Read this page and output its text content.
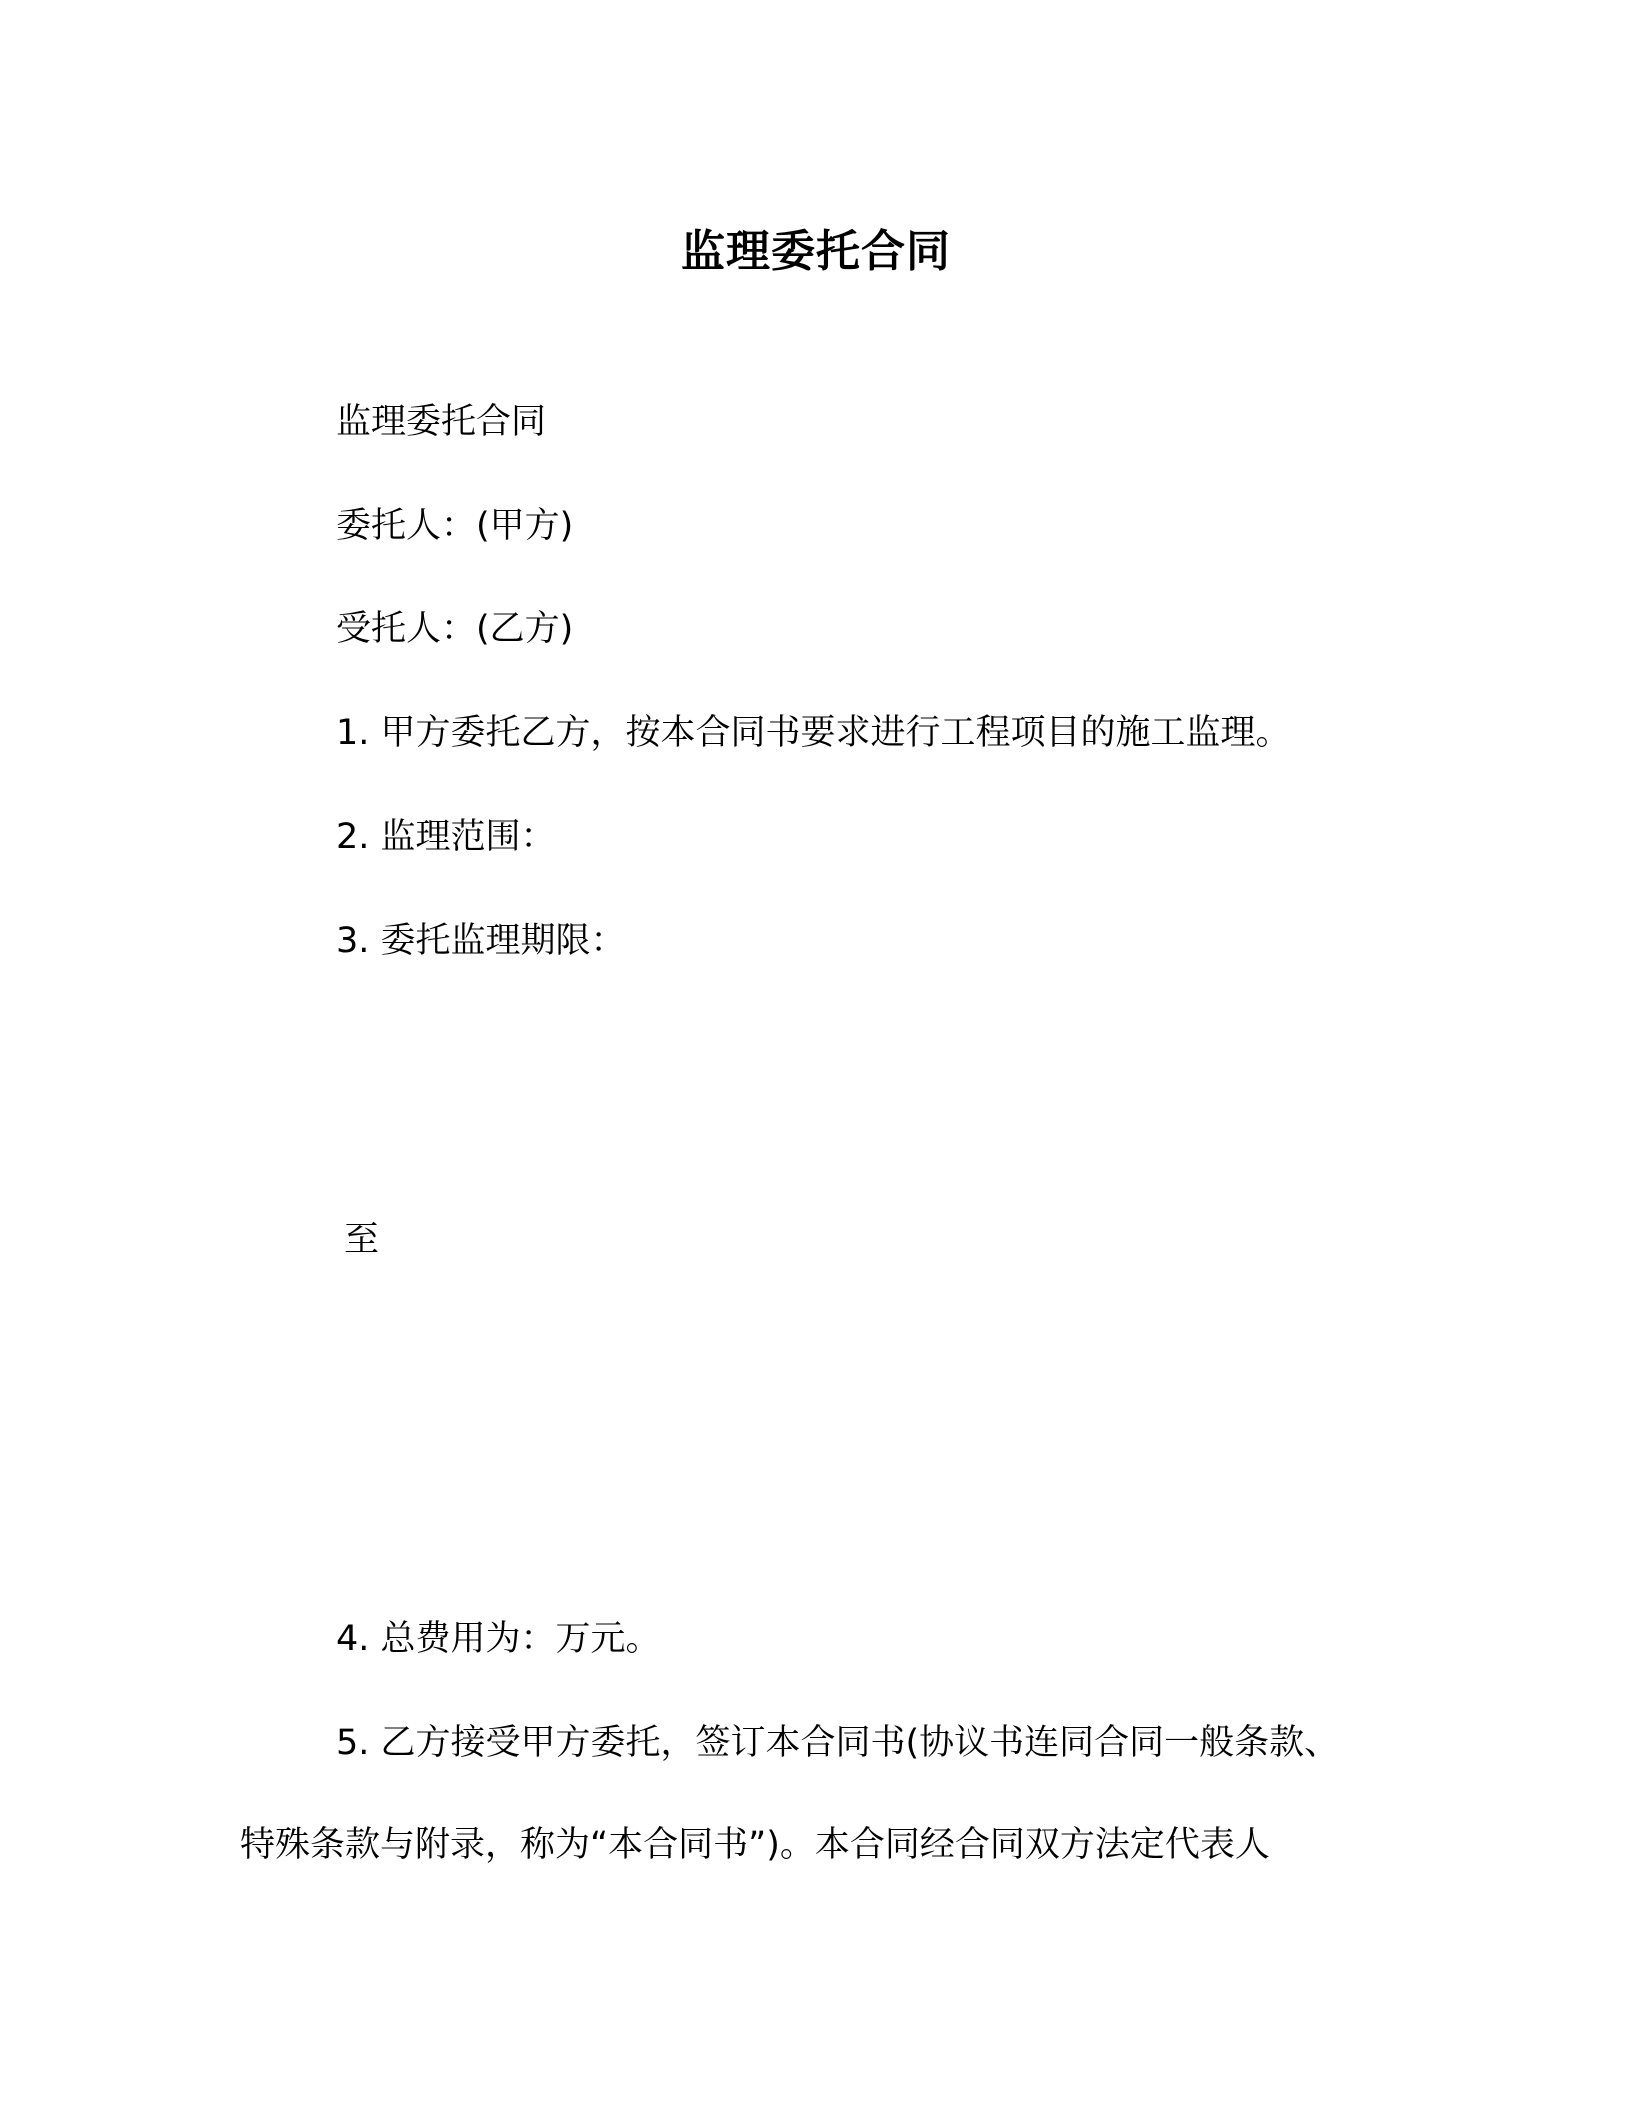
监理委托合同
监理委托合同
委托人：(甲方)
受托人：(乙方)
1. 甲方委托乙方，按本合同书要求进行工程项目的施工监理。
2. 监理范围：
3. 委托监理期限：
至
4. 总费用为：万元。
5. 乙方接受甲方委托，签订本合同书(协议书连同合同一般条款、
特殊条款与附录，称为“本合同书”)。本合同经合同双方法定代表人
